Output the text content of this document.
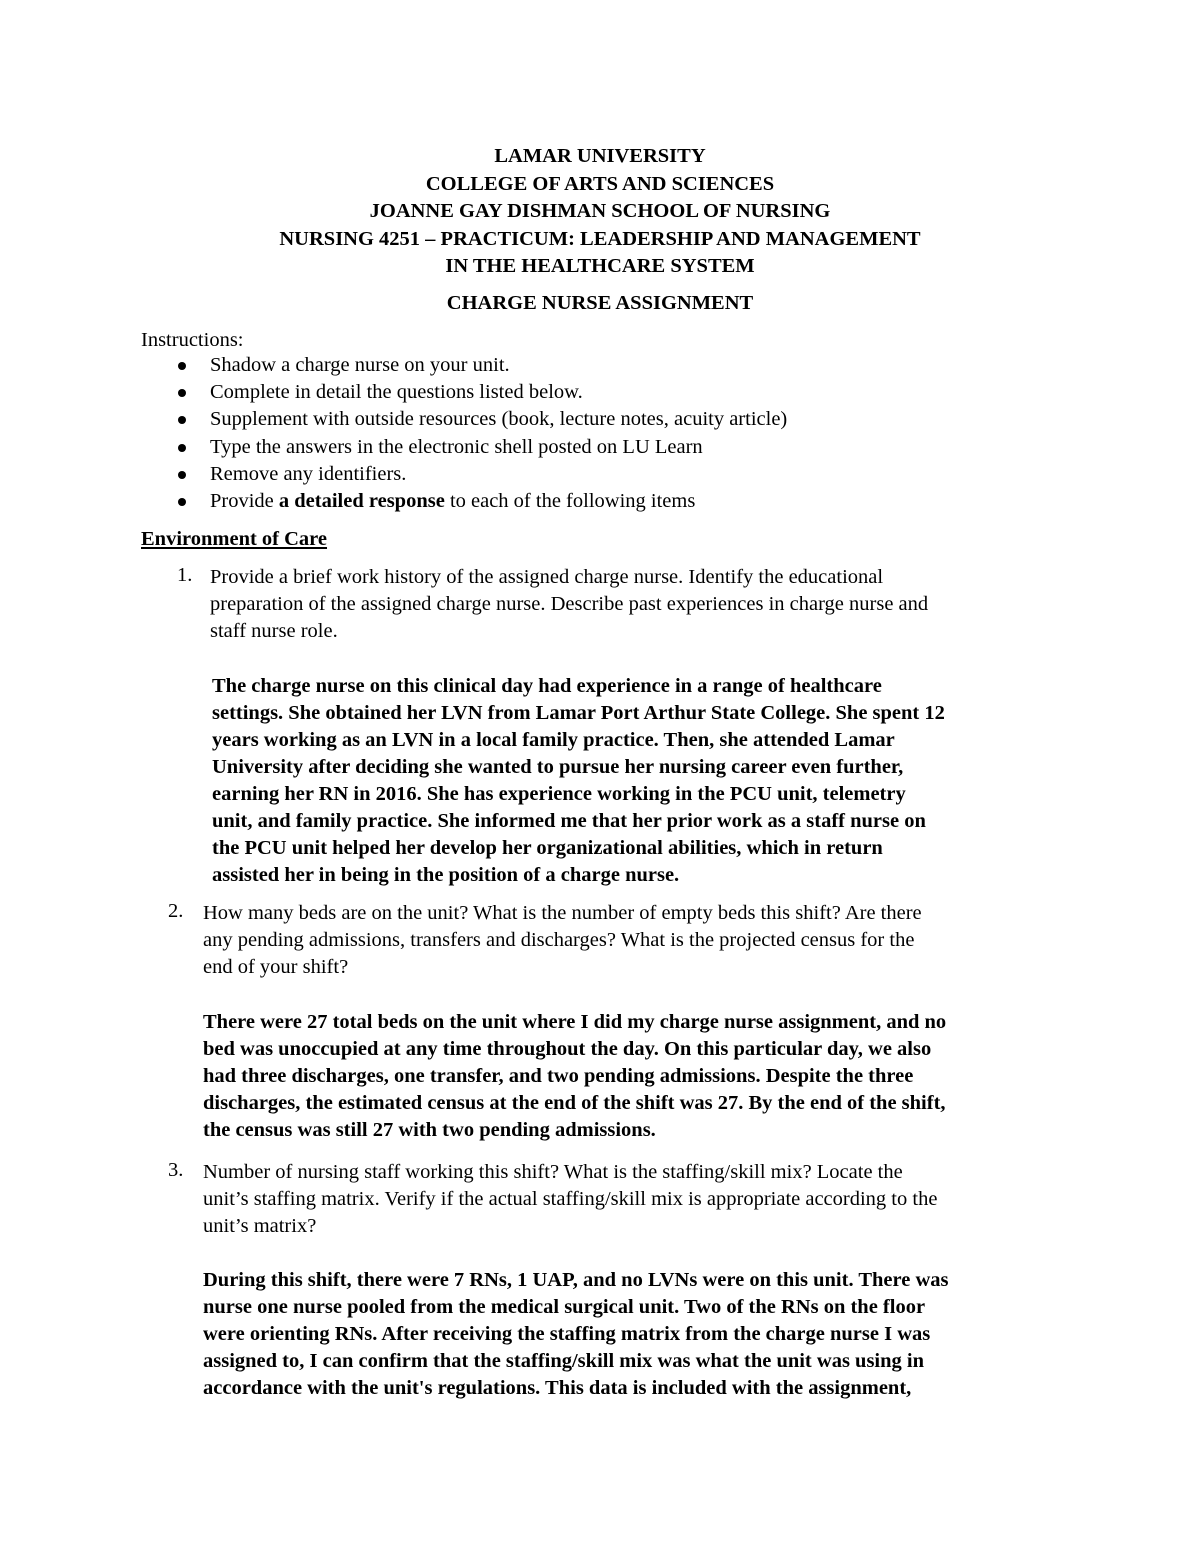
LAMAR UNIVERSITY
COLLEGE OF ARTS AND SCIENCES
JOANNE GAY DISHMAN SCHOOL OF NURSING
NURSING 4251 – PRACTICUM: LEADERSHIP AND MANAGEMENT
IN THE HEALTHCARE SYSTEM
CHARGE NURSE ASSIGNMENT
Instructions:
Shadow a charge nurse on your unit.
Complete in detail the questions listed below.
Supplement with outside resources (book, lecture notes, acuity article)
Type the answers in the electronic shell posted on LU Learn
Remove any identifiers.
Provide a detailed response to each of the following items
Environment of Care
1. Provide a brief work history of the assigned charge nurse. Identify the educational
preparation of the assigned charge nurse. Describe past experiences in charge nurse and
staff nurse role.
The charge nurse on this clinical day had experience in a range of healthcare
settings. She obtained her LVN from Lamar Port Arthur State College. She spent 12
years working as an LVN in a local family practice. Then, she attended Lamar
University after deciding she wanted to pursue her nursing career even further,
earning her RN in 2016. She has experience working in the PCU unit, telemetry
unit, and family practice. She informed me that her prior work as a staff nurse on
the PCU unit helped her develop her organizational abilities, which in return
assisted her in being in the position of a charge nurse.
2. How many beds are on the unit? What is the number of empty beds this shift? Are there
any pending admissions, transfers and discharges? What is the projected census for the
end of your shift?
There were 27 total beds on the unit where I did my charge nurse assignment, and no
bed was unoccupied at any time throughout the day. On this particular day, we also
had three discharges, one transfer, and two pending admissions. Despite the three
discharges, the estimated census at the end of the shift was 27. By the end of the shift,
the census was still 27 with two pending admissions.
3. Number of nursing staff working this shift? What is the staffing/skill mix? Locate the
unit’s staffing matrix. Verify if the actual staffing/skill mix is appropriate according to the
unit’s matrix?
During this shift, there were 7 RNs, 1 UAP, and no LVNs were on this unit. There was
nurse one nurse pooled from the medical surgical unit. Two of the RNs on the floor
were orienting RNs. After receiving the staffing matrix from the charge nurse I was
assigned to, I can confirm that the staffing/skill mix was what the unit was using in
accordance with the unit's regulations. This data is included with the assignment,
